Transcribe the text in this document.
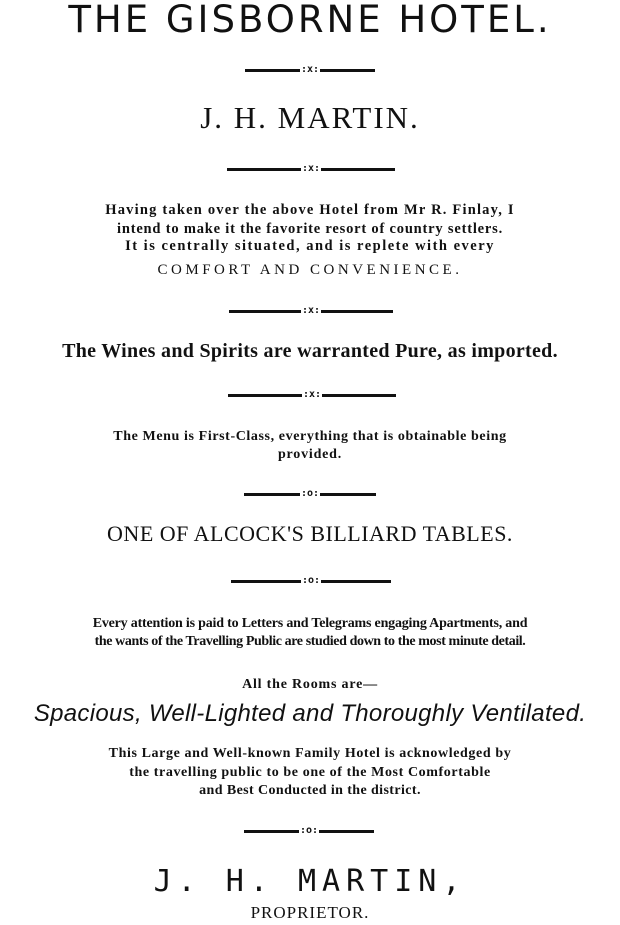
THE GISBORNE HOTEL.
:x:
J. H. MARTIN.
:x:
Having taken over the above Hotel from Mr R. Finlay, I
intend to make it the favorite resort of country settlers.
It is centrally situated, and is replete with every
COMFORT AND CONVENIENCE.
:x:
The Wines and Spirits are warranted Pure, as imported.
:x:
The Menu is First-Class, everything that is obtainable being
provided.
:o:
ONE OF ALCOCK'S BILLIARD TABLES.
:o:
Every attention is paid to Letters and Telegrams engaging Apartments, and
the wants of the Travelling Public are studied down to the most minute detail.
All the Rooms are—
Spacious, Well-Lighted and Thoroughly Ventilated.
This Large and Well-known Family Hotel is acknowledged by
the travelling public to be one of the Most Comfortable
and Best Conducted in the district.
:o:
J. H. MARTIN,
PROPRIETOR.
